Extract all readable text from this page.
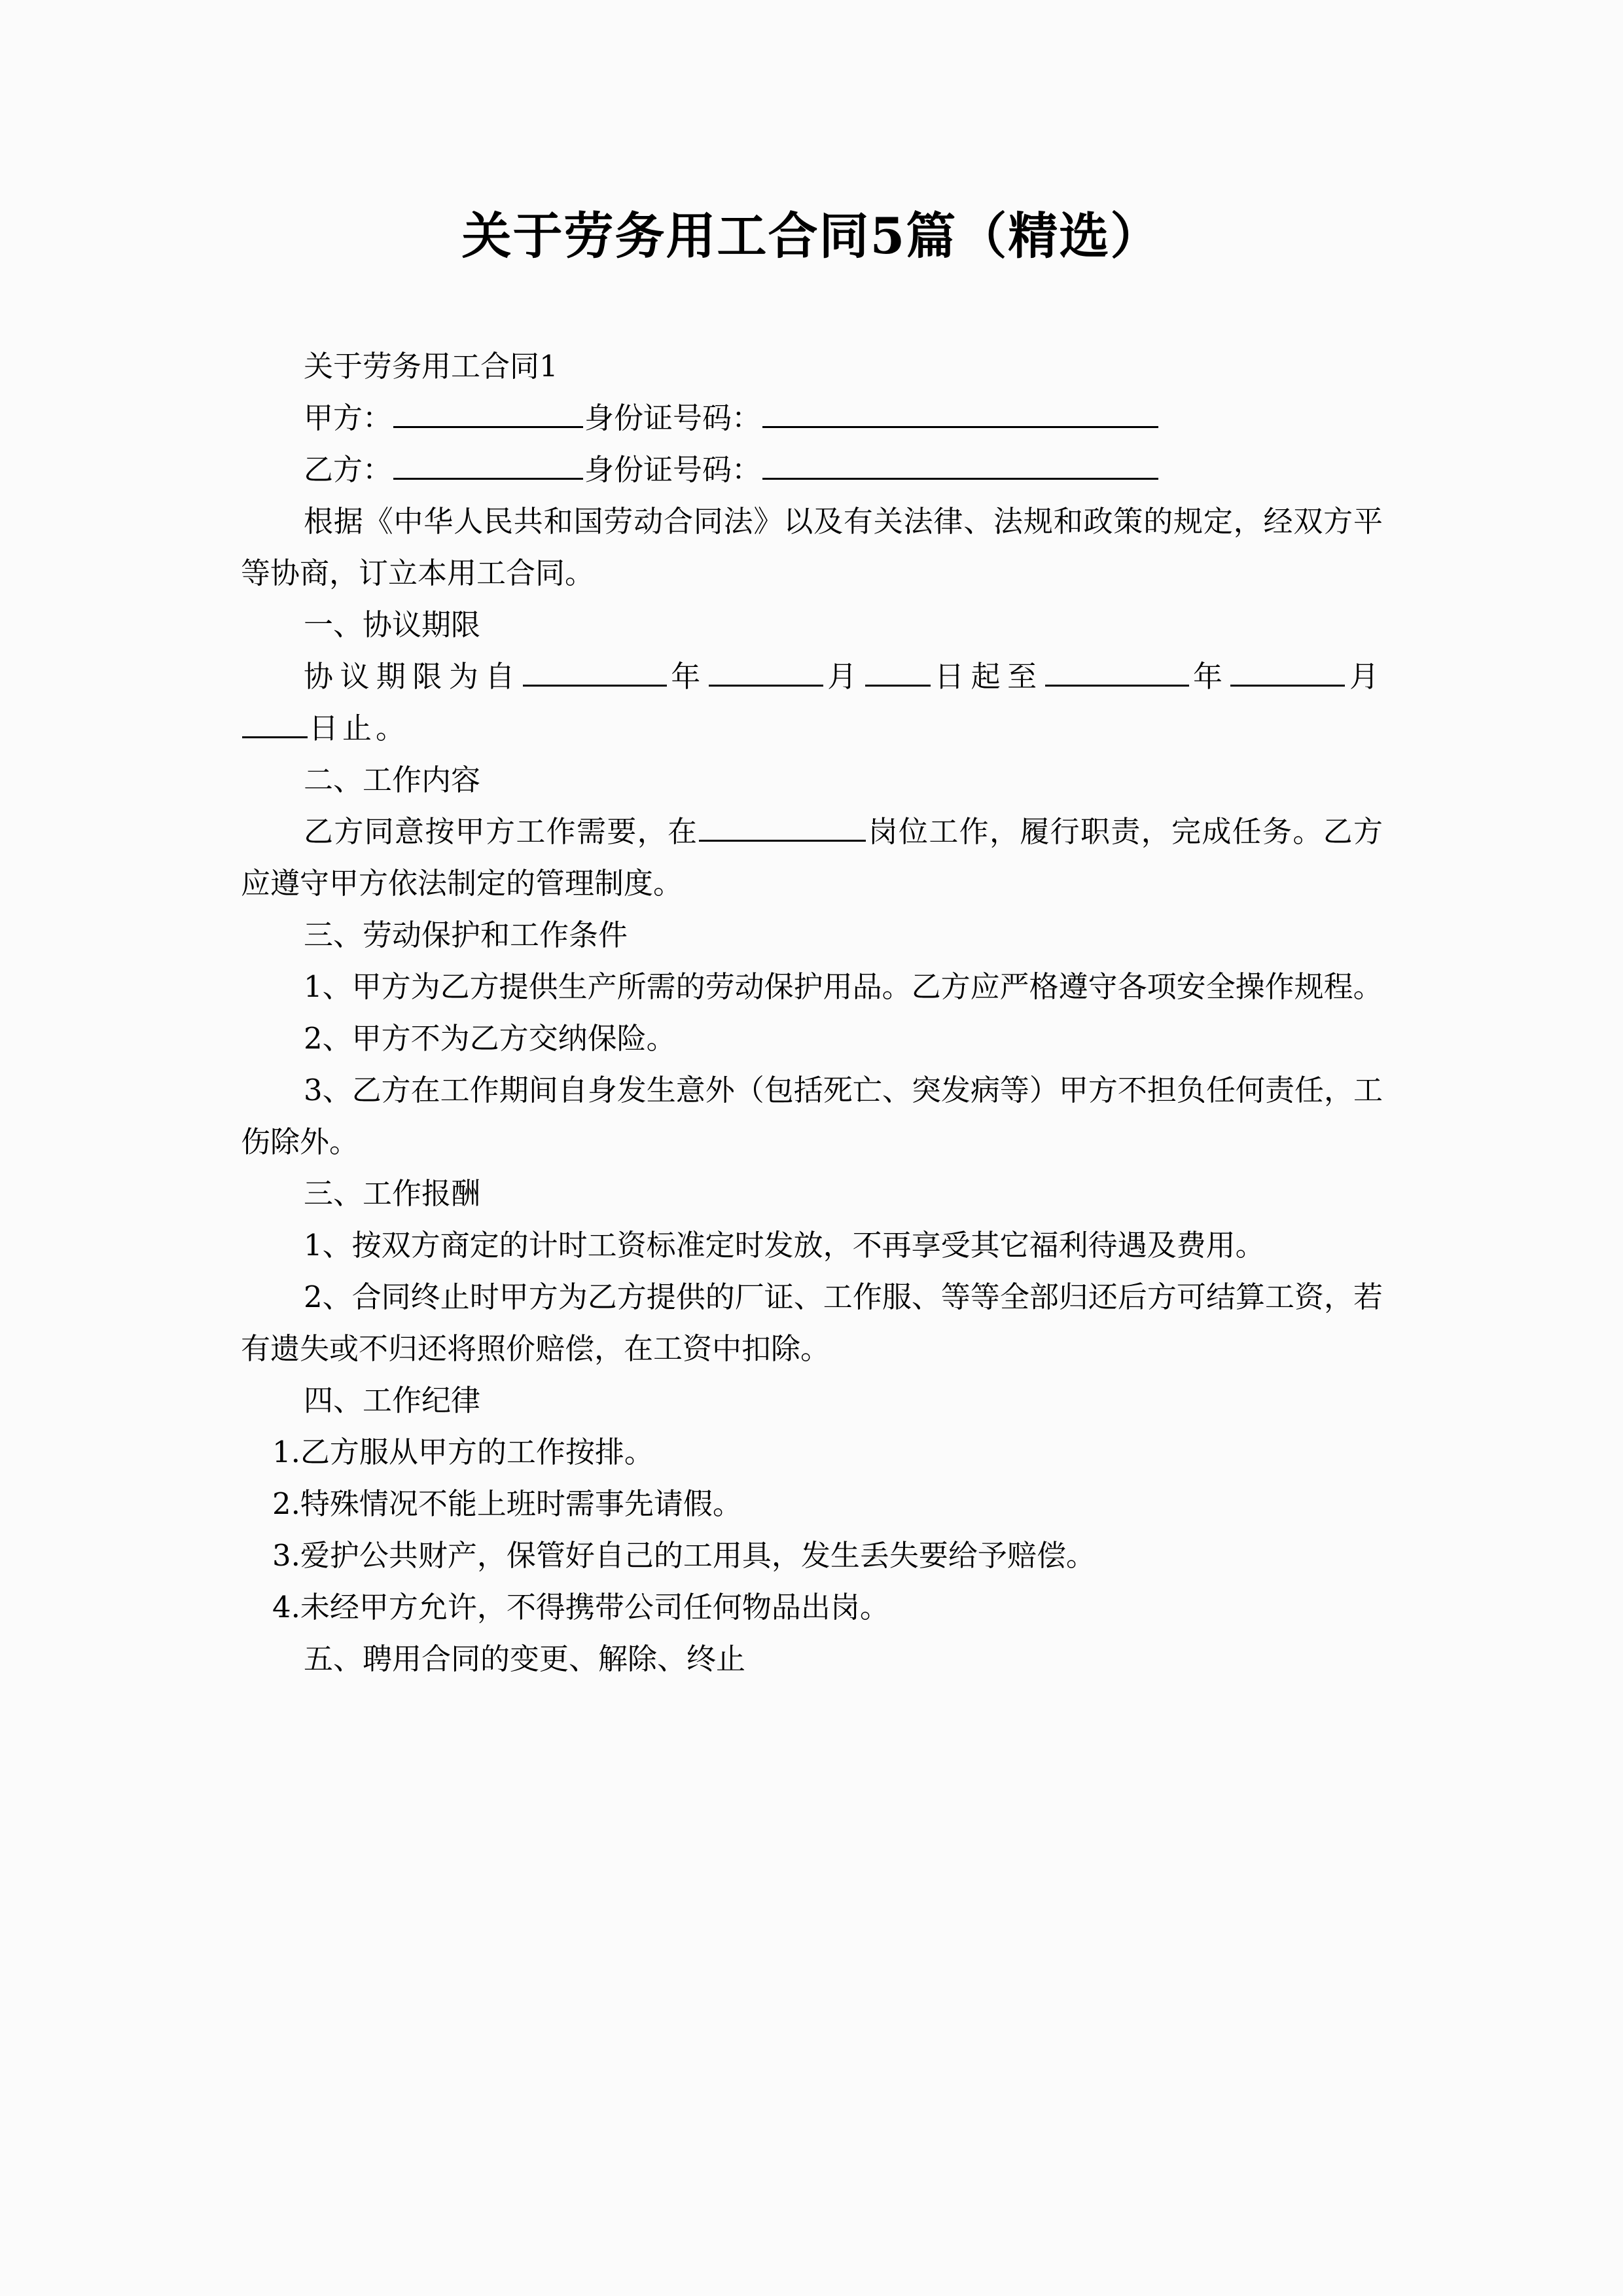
关于劳务用工合同5篇（精选）

关于劳务用工合同1

甲方：	身份证号码：

乙方：	身份证号码：

根据《中华人民共和国劳动合同法》以及有关法律、法规和政策的规定，经双方平等协商，订立本用工合同。

一、协议期限

协议期限为自	年	月 日起至	年	月日止。

二、工作内容

乙方同意按甲方工作需要，在	岗位工作，履行职责，完成任务。乙方应遵守甲方依法制定的管理制度。

三、劳动保护和工作条件

1、甲方为乙方提供生产所需的劳动保护用品。乙方应严格遵守各项安全操作规程。

2、甲方不为乙方交纳保险。

3、乙方在工作期间自身发生意外（包括死亡、突发病等）甲方不担负任何责任，工伤除外。

三、工作报酬

1、按双方商定的计时工资标准定时发放，不再享受其它福利待遇及费用。

2、合同终止时甲方为乙方提供的厂证、工作服、等等全部归还后方可结算工资，若有遗失或不归还将照价赔偿，在工资中扣除。

四、工作纪律

1.乙方服从甲方的工作按排。

2.特殊情况不能上班时需事先请假。

3.爱护公共财产，保管好自己的工用具，发生丢失要给予赔偿。

4.未经甲方允许，不得携带公司任何物品出岗。

五、聘用合同的变更、解除、终止
